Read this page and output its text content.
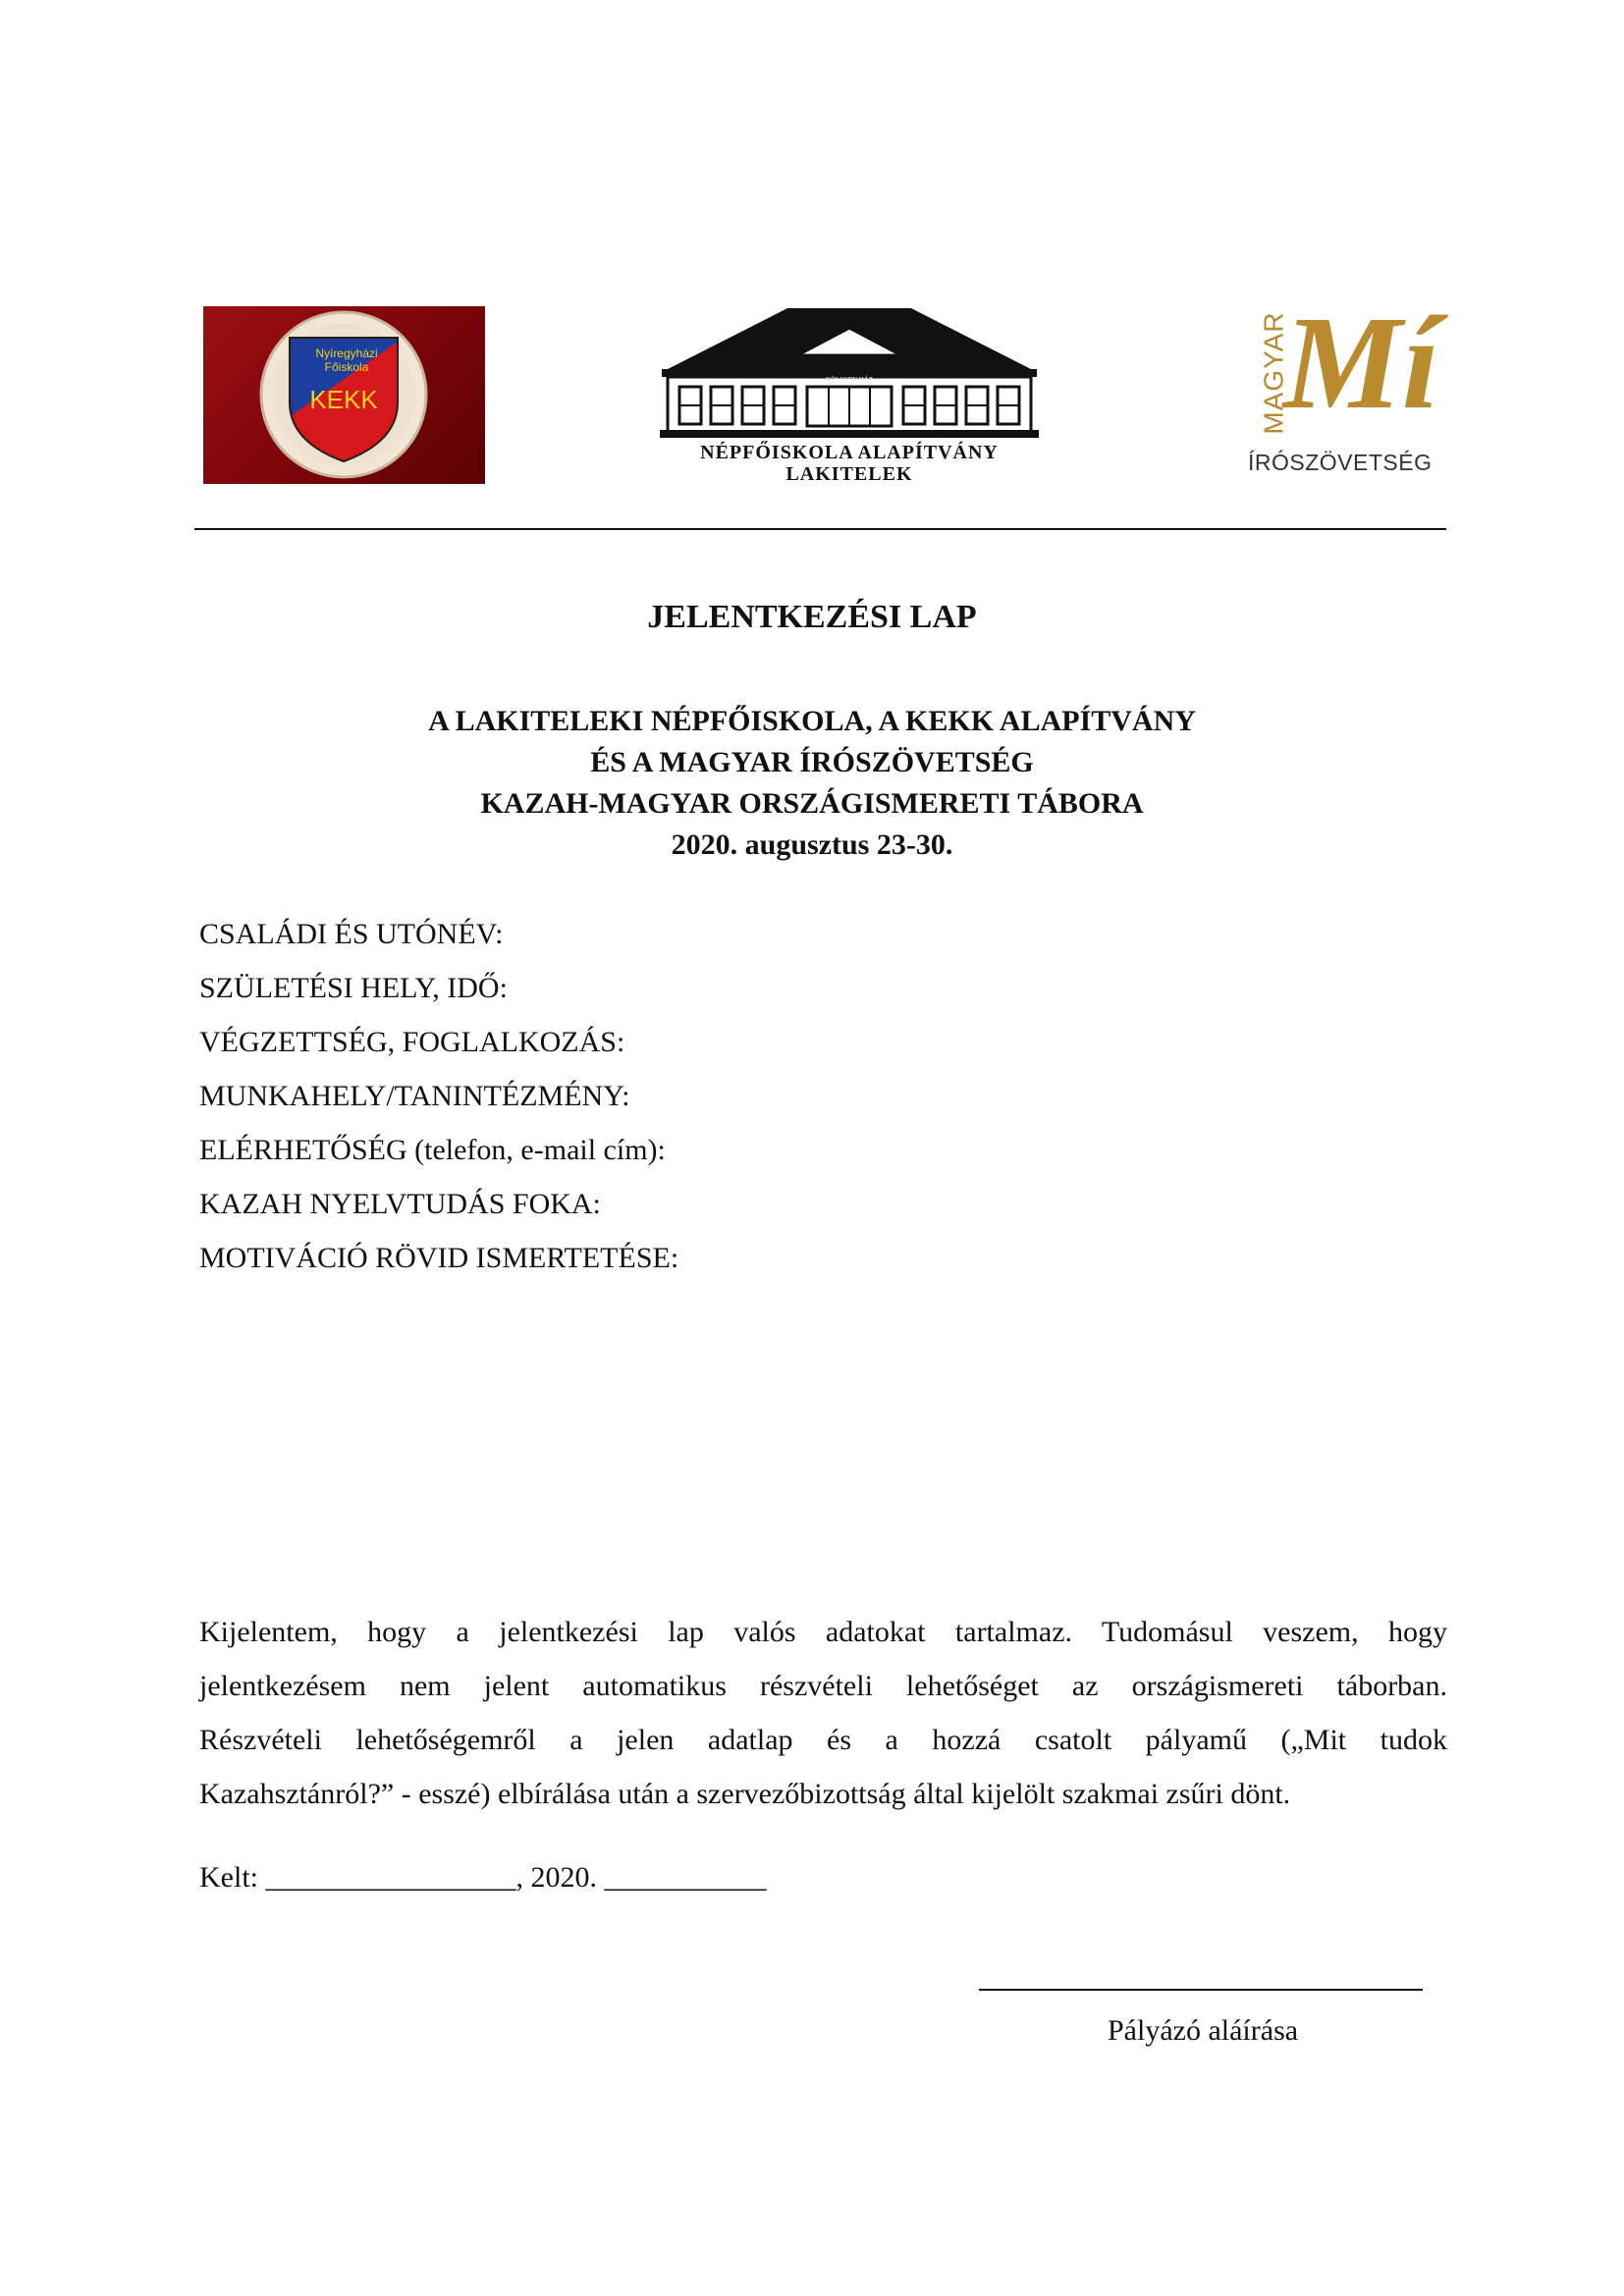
KEKK
Nyíregyházi
Főiskola
KÖLCSEY HÁZ
NÉPFŐISKOLA ALAPÍTVÁNY
LAKITELEK
MAGYAR
Mí
ÍRÓSZÖVETSÉG
JELENTKEZÉSI LAP
A LAKITELEKI NÉPFŐISKOLA, A KEKK ALAPÍTVÁNY
ÉS A MAGYAR ÍRÓSZÖVETSÉG
KAZAH-MAGYAR ORSZÁGISMERETI TÁBORA
2020. augusztus 23-30.
CSALÁDI ÉS UTÓNÉV:
SZÜLETÉSI HELY, IDŐ:
VÉGZETTSÉG, FOGLALKOZÁS:
MUNKAHELY/TANINTÉZMÉNY:
ELÉRHETŐSÉG (telefon, e-mail cím):
KAZAH NYELVTUDÁS FOKA:
MOTIVÁCIÓ RÖVID ISMERTETÉSE:
Kijelentem, hogy a jelentkezési lap valós adatokat tartalmaz. Tudomásul veszem, hogy
jelentkezésem nem jelent automatikus részvételi lehetőséget az országismereti táborban.
Részvételi lehetőségemről a jelen adatlap és a hozzá csatolt pályamű („Mit tudok
Kazahsztánról?” - esszé) elbírálása után a szervezőbizottság által kijelölt szakmai zsűri dönt.
Kelt: _________________, 2020. ___________
Pályázó aláírása
